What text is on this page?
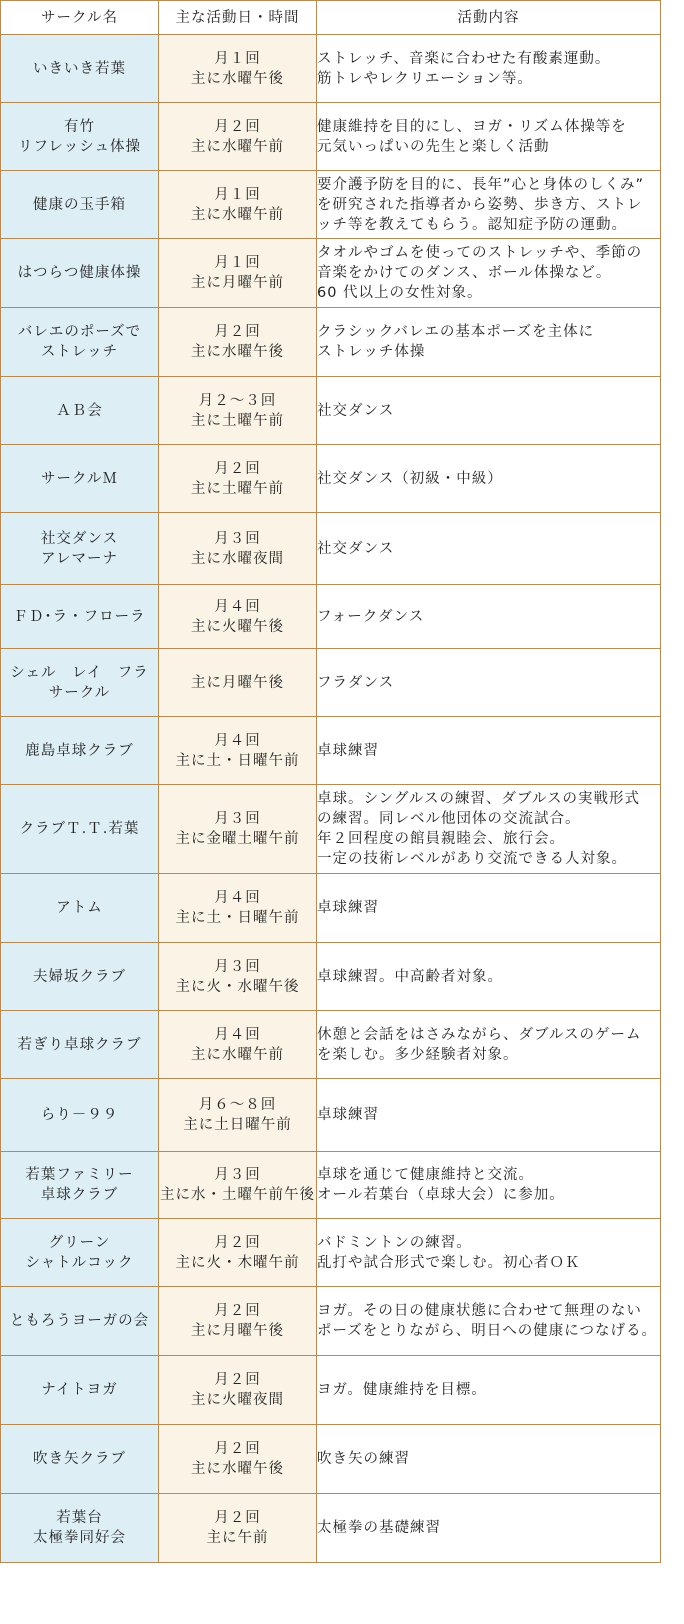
サークル名	主な活動日・時間	活動内容

いきいき若葉	月１回
主に水曜午後	ストレッチ、音楽に合わせた有酸素運動。
筋トレやレクリエーション等。

有竹
リフレッシュ体操	月２回
主に水曜午前	健康維持を目的にし、ヨガ・リズム体操等を
元気いっぱいの先生と楽しく活動

健康の玉手箱	月１回
主に水曜午前	要介護予防を目的に、長年”心と身体のしくみ”
を研究された指導者から姿勢、歩き方、ストレ
ッチ等を教えてもらう。認知症予防の運動。

はつらつ健康体操	月１回
主に月曜午前	タオルやゴムを使ってのストレッチや、季節の
音楽をかけてのダンス、ボール体操など。
60 代以上の女性対象。

バレエのポーズで
ストレッチ	月２回
主に水曜午後	クラシックバレエの基本ポーズを主体に
ストレッチ体操

ＡＢ会	月２～３回
主に土曜午前	社交ダンス

サークルＭ	月２回
主に土曜午前	社交ダンス（初級・中級）

社交ダンス
アレマーナ	月３回
主に水曜夜間	社交ダンス

ＦＤ･ラ・フローラ	月４回
主に火曜午後	フォークダンス

シェル　レイ　フラ
サークル	主に月曜午後	フラダンス

鹿島卓球クラブ	月４回
主に土・日曜午前	卓球練習

クラブＴ.Ｔ.若葉	月３回
主に金曜土曜午前	卓球。シングルスの練習、ダブルスの実戦形式
の練習。同レベル他団体の交流試合。
年２回程度の館員親睦会、旅行会。
一定の技術レベルがあり交流できる人対象。

アトム	月４回
主に土・日曜午前	卓球練習

夫婦坂クラブ	月３回
主に火・水曜午後	卓球練習。中高齢者対象。

若ぎり卓球クラブ	月４回
主に水曜午前	休憩と会話をはさみながら、ダブルスのゲーム
を楽しむ。多少経験者対象。

らり－９９	月６～８回
主に土日曜午前	卓球練習

若葉ファミリー
卓球クラブ	月３回
主に水・土曜午前午後	卓球を通じて健康維持と交流。
オール若葉台（卓球大会）に参加。

グリーン
シャトルコック	月２回
主に火・木曜午前	バドミントンの練習。
乱打や試合形式で楽しむ。初心者ＯＫ

ともろうヨーガの会	月２回
主に月曜午後	ヨガ。その日の健康状態に合わせて無理のない
ポーズをとりながら、明日への健康につなげる。

ナイトヨガ	月２回
主に火曜夜間	ヨガ。健康維持を目標。

吹き矢クラブ	月２回
主に水曜午後	吹き矢の練習

若葉台
太極拳同好会	月２回
主に午前	太極拳の基礎練習
